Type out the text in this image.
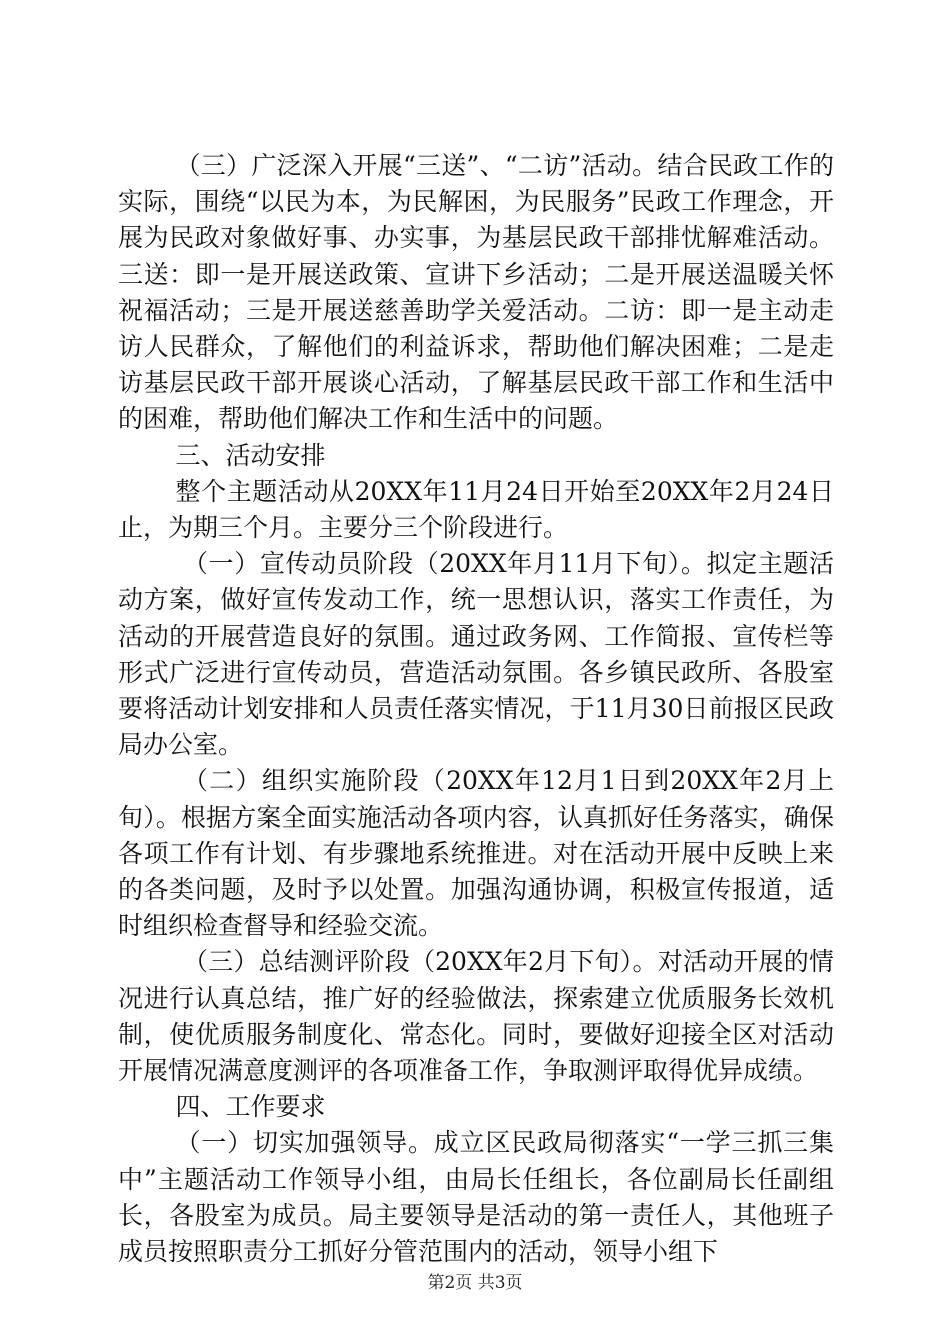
（三）广泛深入开展“三送”、“二访”活动。结合民政工作的实际，围绕“以民为本，为民解困，为民服务”民政工作理念，开展为民政对象做好事、办实事，为基层民政干部排忧解难活动。三送：即一是开展送政策、宣讲下乡活动；二是开展送温暖关怀祝福活动；三是开展送慈善助学关爱活动。二访：即一是主动走访人民群众，了解他们的利益诉求，帮助他们解决困难；二是走访基层民政干部开展谈心活动，了解基层民政干部工作和生活中的困难，帮助他们解决工作和生活中的问题。

三、活动安排

整个主题活动从20XX年11月24日开始至20XX年2月24日止，为期三个月。主要分三个阶段进行。

（一）宣传动员阶段（20XX年月11月下旬）。拟定主题活动方案，做好宣传发动工作，统一思想认识，落实工作责任，为活动的开展营造良好的氛围。通过政务网、工作简报、宣传栏等形式广泛进行宣传动员，营造活动氛围。各乡镇民政所、各股室要将活动计划安排和人员责任落实情况，于11月30日前报区民政局办公室。

（二）组织实施阶段（20XX年12月1日到20XX年2月上旬）。根据方案全面实施活动各项内容，认真抓好任务落实，确保各项工作有计划、有步骤地系统推进。对在活动开展中反映上来的各类问题，及时予以处置。加强沟通协调，积极宣传报道，适时组织检查督导和经验交流。

（三）总结测评阶段（20XX年2月下旬）。对活动开展的情况进行认真总结，推广好的经验做法，探索建立优质服务长效机制，使优质服务制度化、常态化。同时，要做好迎接全区对活动开展情况满意度测评的各项准备工作，争取测评取得优异成绩。

四、工作要求

（一）切实加强领导。成立区民政局彻落实“一学三抓三集中”主题活动工作领导小组，由局长任组长，各位副局长任副组长，各股室为成员。局主要领导是活动的第一责任人，其他班子成员按照职责分工抓好分管范围内的活动，领导小组下

第2页 共3页
